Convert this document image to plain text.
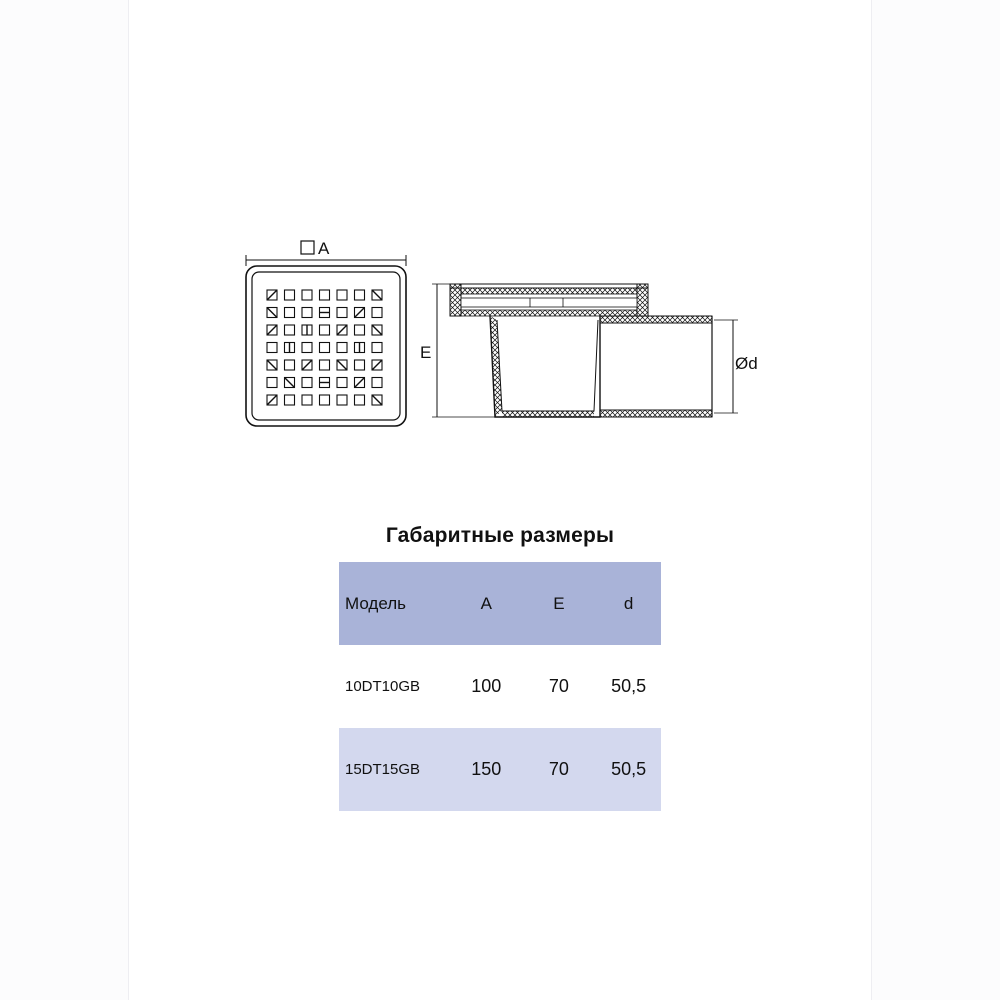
A
E
Ød
Габаритные размеры
Модель	A	E	d
10DT10GB	100	70	50,5
15DT15GB	150	70	50,5
